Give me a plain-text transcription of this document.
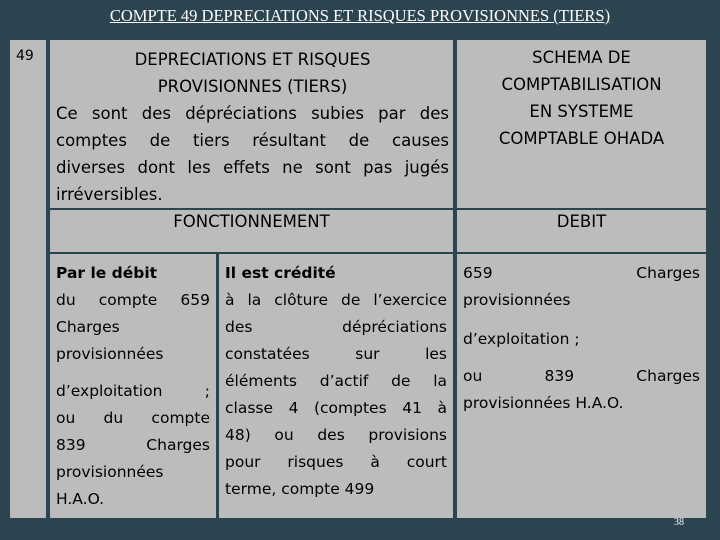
COMPTE 49 DEPRECIATIONS ET RISQUES PROVISIONNES (TIERS)
49	DEPRECIATIONS ET RISQUES
PROVISIONNES (TIERS)
Ce sont des dépréciations subies par des
comptes de tiers résultant de causes
diverses dont les effets ne sont pas jugés
irréversibles.
SCHEMA DE
COMPTABILISATION
EN SYSTEME
COMPTABLE OHADA
FONCTIONNEMENT	DEBIT
Par le débit
du compte 659
Charges
provisionnées
d’exploitation ;
ou du compte
839 Charges
provisionnées
H.A.O.
Il est crédité
à la clôture de l’exercice
des dépréciations
constatées sur les
éléments d’actif de la
classe 4 (comptes 41 à
48) ou des provisions
pour risques à court
terme, compte 499
659 Charges
provisionnées
d’exploitation ;
ou 839 Charges
provisionnées H.A.O.
38
